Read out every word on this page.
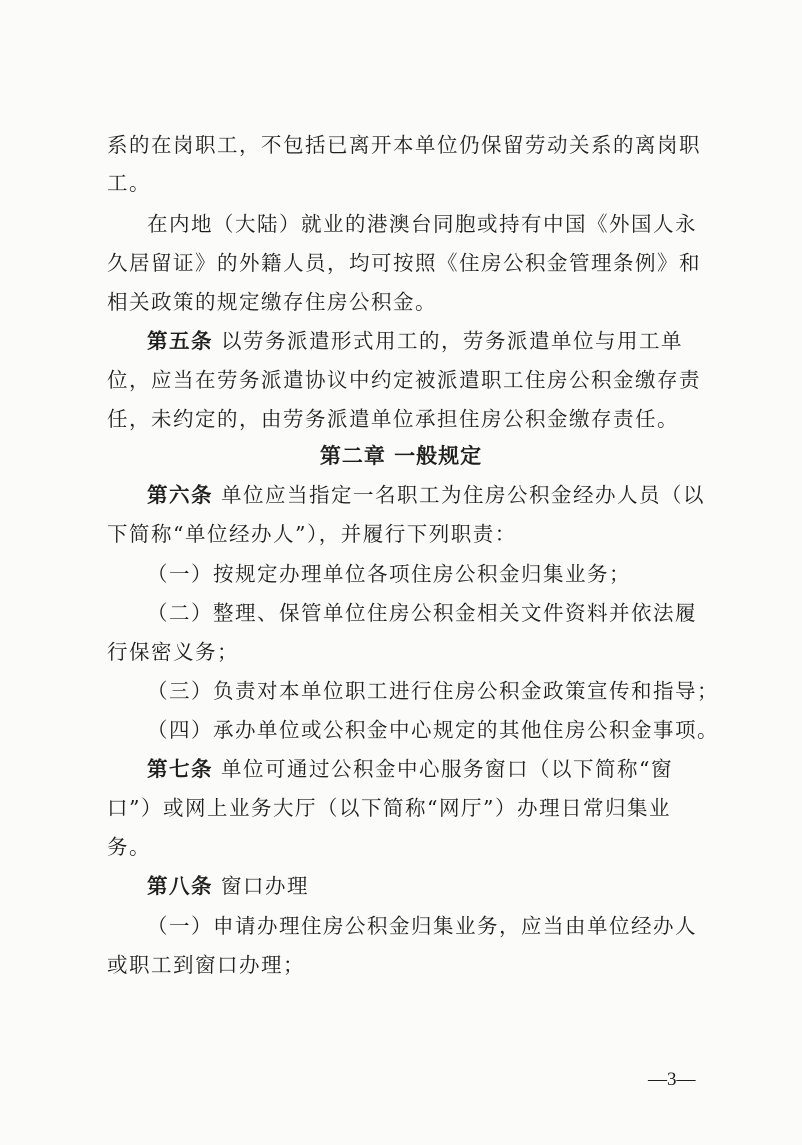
系的在岗职工，不包括已离开本单位仍保留劳动关系的离岗职
工。
在内地（大陆）就业的港澳台同胞或持有中国《外国人永
久居留证》的外籍人员，均可按照《住房公积金管理条例》和
相关政策的规定缴存住房公积金。
第五条 以劳务派遣形式用工的，劳务派遣单位与用工单
位，应当在劳务派遣协议中约定被派遣职工住房公积金缴存责
任，未约定的，由劳务派遣单位承担住房公积金缴存责任。
第二章 一般规定
第六条 单位应当指定一名职工为住房公积金经办人员（以
下简称“单位经办人”），并履行下列职责：
（一）按规定办理单位各项住房公积金归集业务；
（二）整理、保管单位住房公积金相关文件资料并依法履
行保密义务；
（三）负责对本单位职工进行住房公积金政策宣传和指导；
（四）承办单位或公积金中心规定的其他住房公积金事项。
第七条 单位可通过公积金中心服务窗口（以下简称“窗
口”）或网上业务大厅（以下简称“网厅”）办理日常归集业
务。
第八条 窗口办理
（一）申请办理住房公积金归集业务，应当由单位经办人
或职工到窗口办理；
—3—
